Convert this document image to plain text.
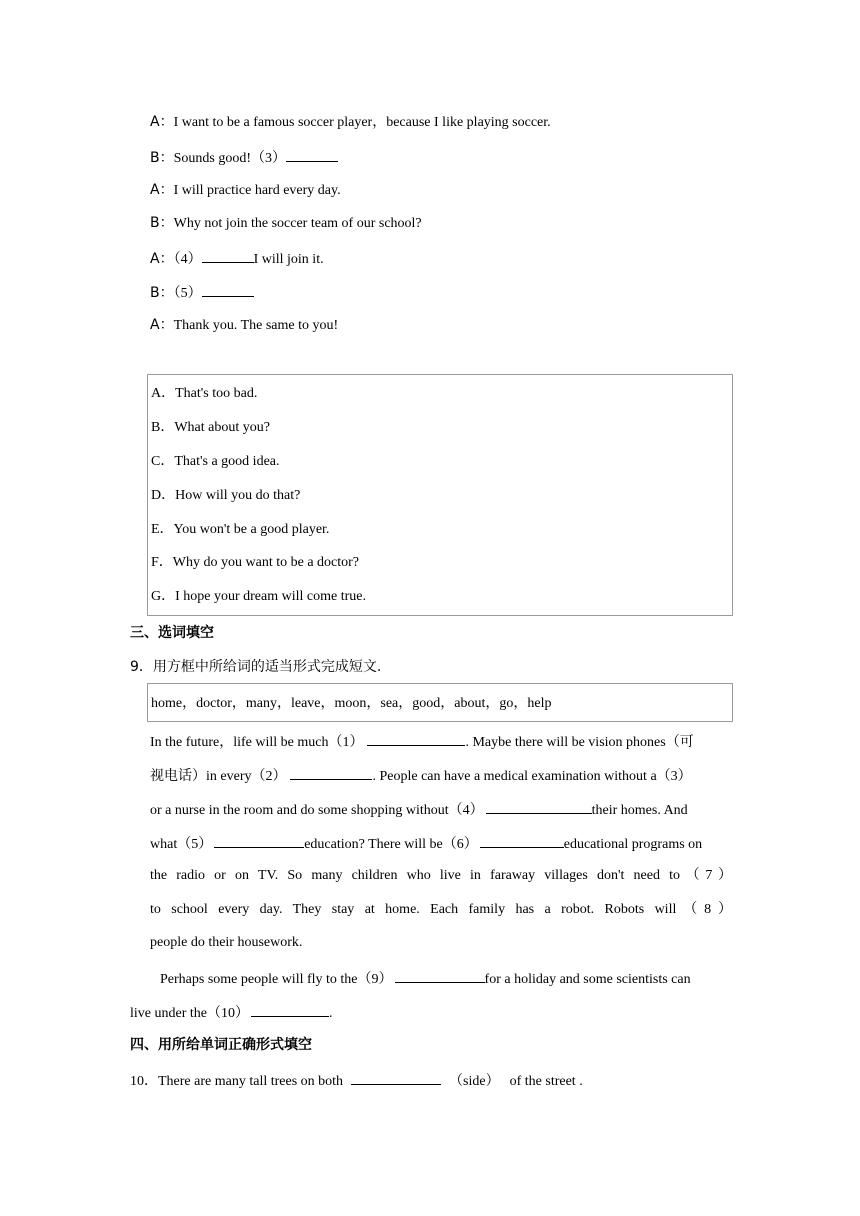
A：I want to be a famous soccer player，because I like playing soccer.
B：Sounds good!（3）
A：I will practice hard every day.
B：Why not join the soccer team of our school?
A：（4）	I will join it.
B：（5）
A：Thank you. The same to you!
A．That's too bad.
B．What about you?
C．That's a good idea.
D．How will you do that?
E．You won't be a good player.
F．Why do you want to be a doctor?
G．I hope your dream will come true.
三、选词填空
9．用方框中所给词的适当形式完成短文.
home，doctor，many，leave，moon，sea，good，about，go，help
In the future，life will be much（1）	. Maybe there will be vision phones（可
视电话）in every（2）	. People can have a medical examination without a（3）
or a nurse in the room and do some shopping without（4）	their homes. And
what（5）	education? There will be（6）	educational programs on
the radio or on TV. So many children who live in faraway villages don't need to（7）
to school every day. They stay at home. Each family has a robot. Robots will（8）
people do their housework.
Perhaps some people will fly to the（9）	for a holiday and some scientists can
live under the（10）	.
四、用所给单词正确形式填空
10．There are many tall trees on both	（side） of the street .
